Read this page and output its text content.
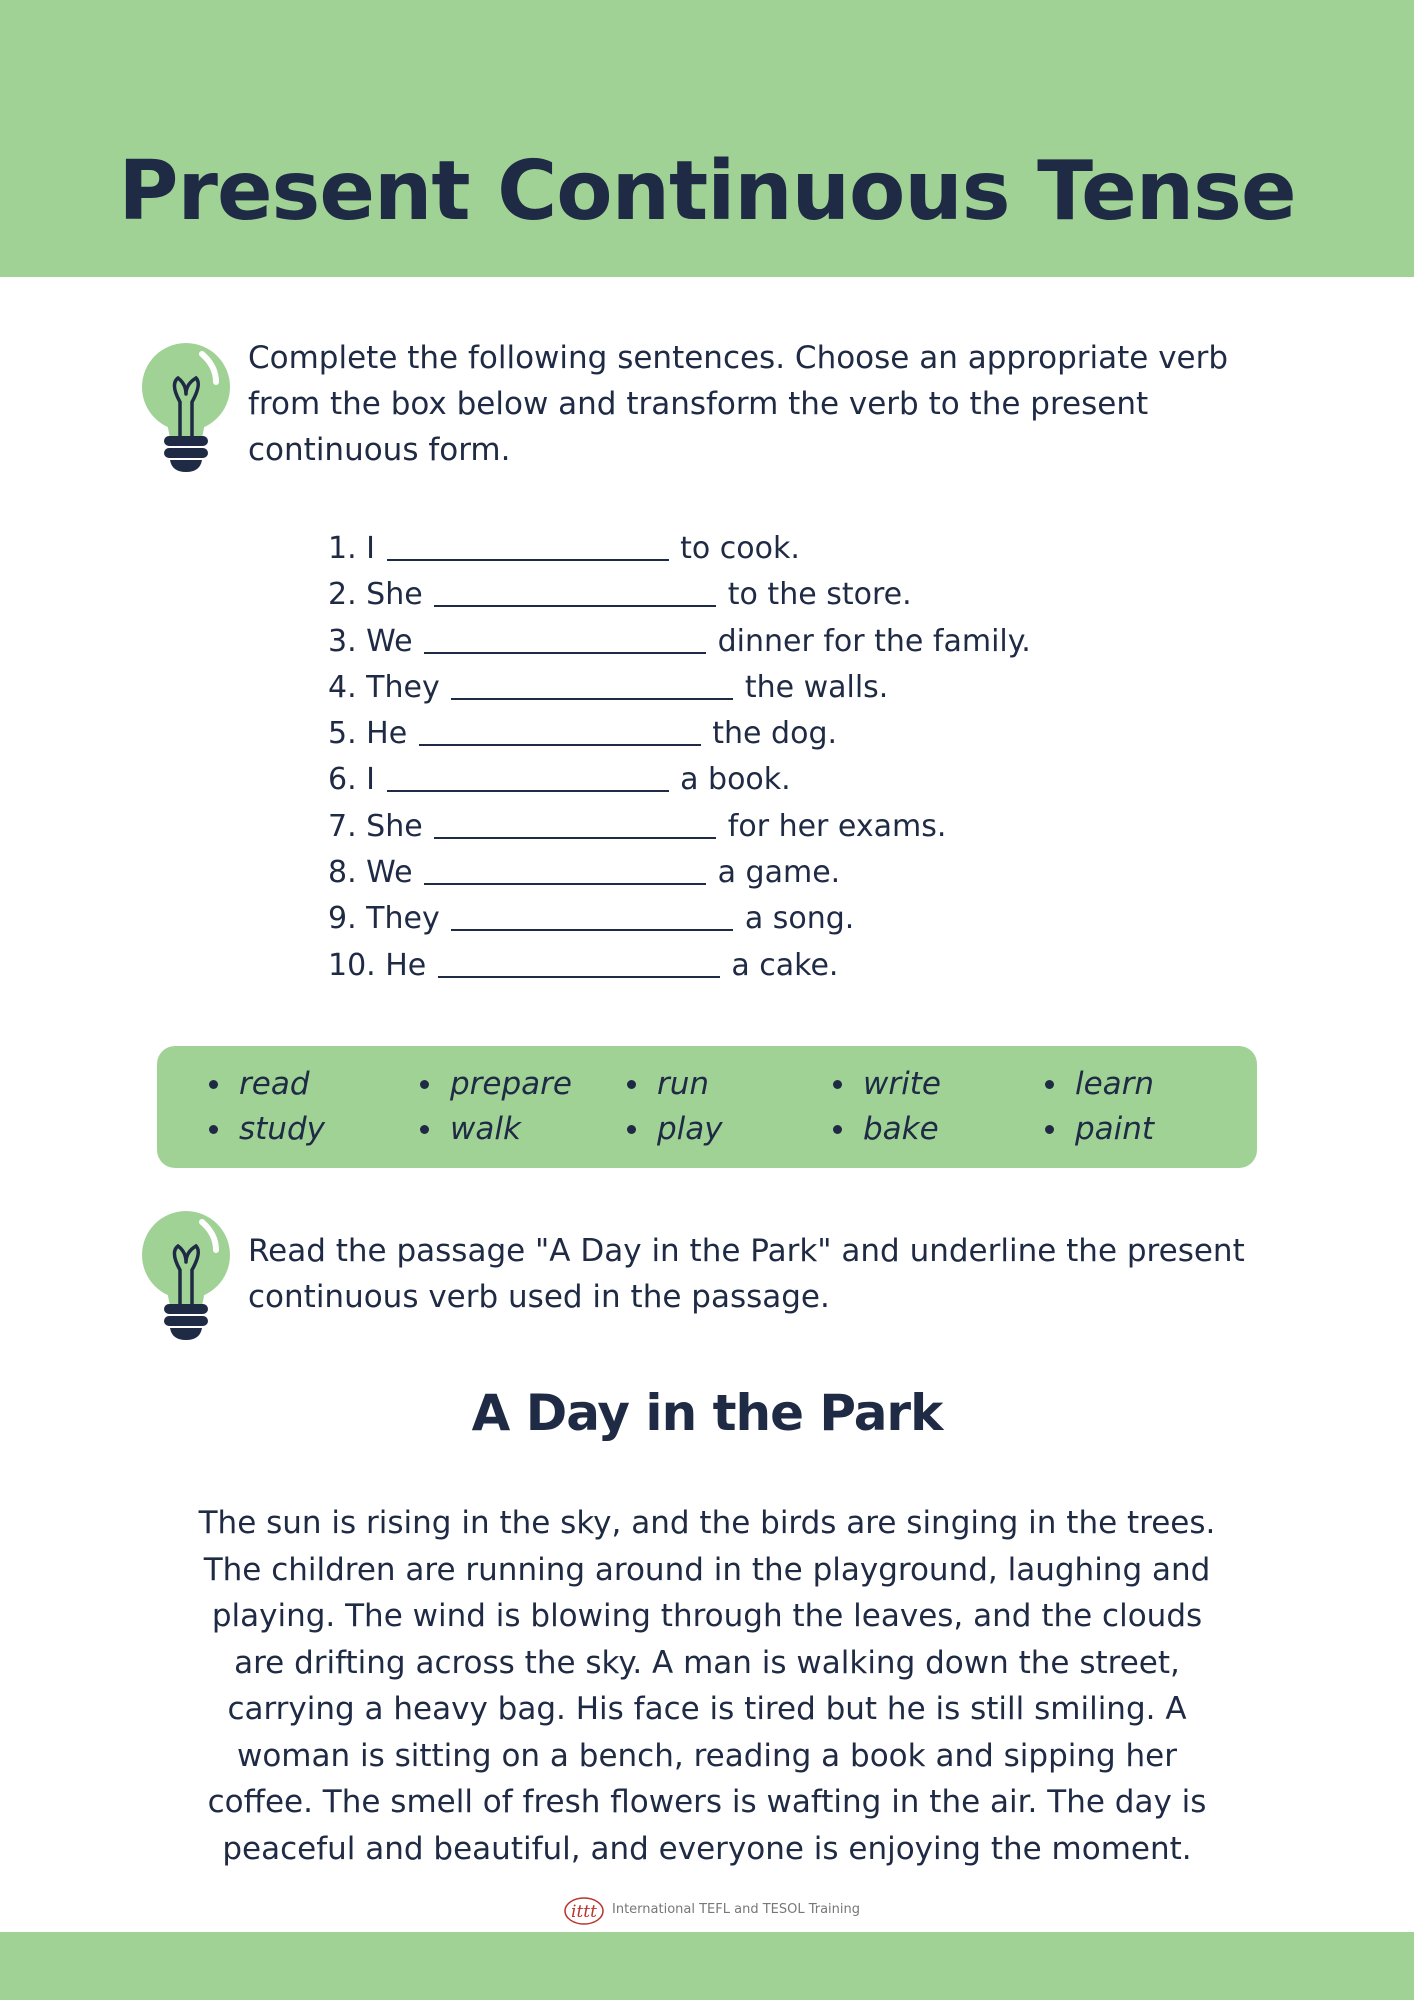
Present Continuous Tense

Complete the following sentences. Choose an appropriate verb
from the box below and transform the verb to the present
continuous form.

1. I	to cook.
2. She	to the store.
3. We	dinner for the family.
4. They	the walls.
5. He	the dog.
6. I	a book.
7. She	for her exams.
8. We	a game.
9. They	a song.
10. He	a cake.
read	prepare	run	write	learn
study	walk	play	bake	paint

Read the passage "A Day in the Park" and underline the present
continuous verb used in the passage.

A Day in the Park

The sun is rising in the sky, and the birds are singing in the trees.
The children are running around in the playground, laughing and
playing. The wind is blowing through the leaves, and the clouds
are drifting across the sky. A man is walking down the street,
carrying a heavy bag. His face is tired but he is still smiling. A
woman is sitting on a bench, reading a book and sipping her
coffee. The smell of fresh flowers is wafting in the air. The day is
peaceful and beautiful, and everyone is enjoying the moment.

ittt International TEFL and TESOL Training
